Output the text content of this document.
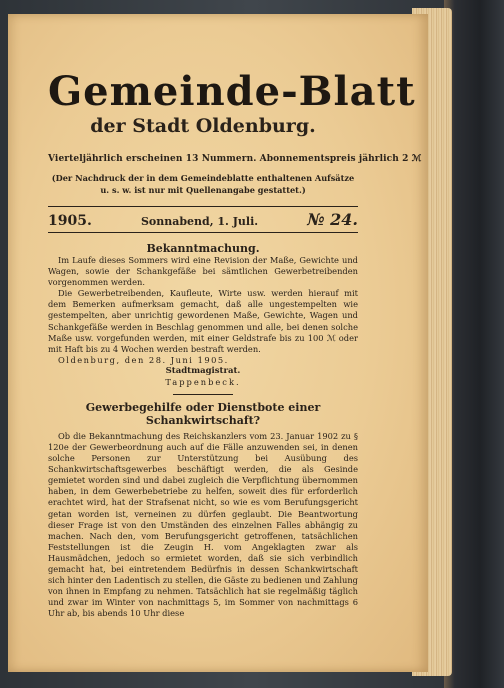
Gemeinde-Blatt
der Stadt Oldenburg.
Vierteljährlich erscheinen 13 Nummern. Abonnementspreis jährlich 2 ℳ
(Der Nachdruck der in dem Gemeindeblatte enthaltenen Aufsätze u. s. w. ist nur mit Quellenangabe gestattet.)
1905.	Sonnabend, 1. Juli.	№ 24.
Bekanntmachung.

Im Laufe dieses Sommers wird eine Revision der Maße, Gewichte und Wagen, sowie der Schankgefäße bei sämtlichen Gewerbetreibenden vorgenommen werden.

Die Gewerbetreibenden, Kaufleute, Wirte usw. werden hierauf mit dem Bemerken aufmerksam gemacht, daß alle ungestempelten wie gestempelten, aber unrichtig gewordenen Maße, Gewichte, Wagen und Schankgefäße werden in Beschlag genommen und alle, bei denen solche Maße usw. vorgefunden werden, mit einer Geldstrafe bis zu 100 ℳ oder mit Haft bis zu 4 Wochen werden bestraft werden.

Oldenburg, den 28. Juni 1905.
Stadtmagistrat.
Tappenbeck.
Gewerbegehilfe oder Dienstbote einer Schankwirtschaft?

Ob die Bekanntmachung des Reichskanzlers vom 23. Januar 1902 zu § 120e der Gewerbeordnung auch auf die Fälle anzuwenden sei, in denen solche Personen zur Unterstützung bei Ausübung des Schankwirtschaftsgewerbes beschäftigt werden, die als Gesinde gemietet worden sind und dabei zugleich die Verpflichtung übernommen haben, in dem Gewerbebetriebe zu helfen, soweit dies für erforderlich erachtet wird, hat der Strafsenat nicht, so wie es vom Berufungsgericht getan worden ist, verneinen zu dürfen geglaubt. Die Beantwortung dieser Frage ist von den Umständen des einzelnen Falles abhängig zu machen. Nach den, vom Berufungsgericht getroffenen, tatsächlichen Feststellungen ist die Zeugin H. vom Angeklagten zwar als Hausmädchen, jedoch so ermietet worden, daß sie sich verbindlich gemacht hat, bei eintretendem Bedürfnis in dessen Schankwirtschaft sich hinter den Ladentisch zu stellen, die Gäste zu bedienen und Zahlung von ihnen in Empfang zu nehmen. Tatsächlich hat sie regelmäßig täglich und zwar im Winter von nachmittags 5, im Sommer von nachmittags 6 Uhr ab, bis abends 10 Uhr diese
